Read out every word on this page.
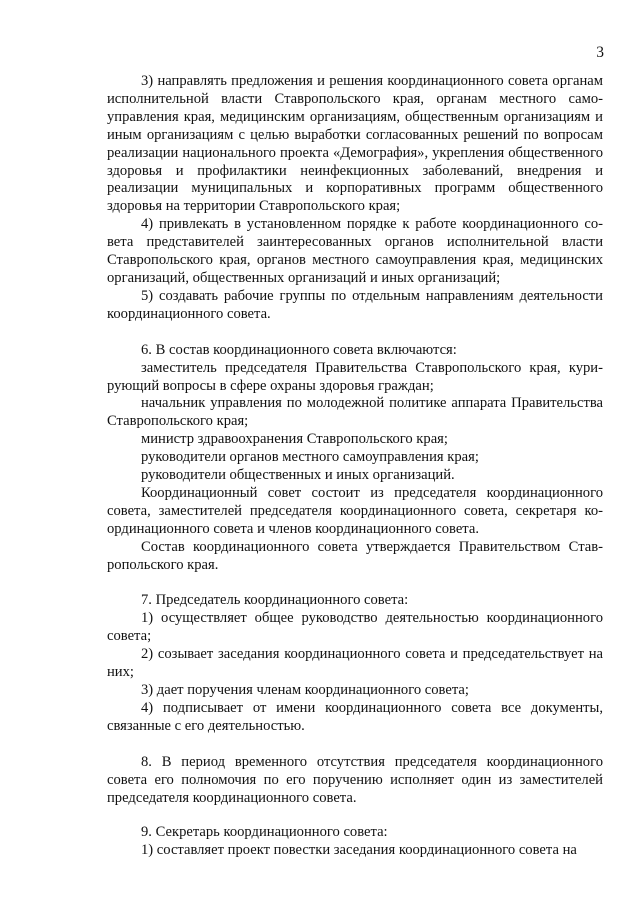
3

3) направлять предложения и решения координационного совета органам исполнительной власти Ставропольского края, органам местного самоуправления края, медицинским организациям, общественным организациям и иным организациям с целью выработки согласованных решений по вопросам реализации национального проекта «Демография», укрепления общественного здоровья и профилактики неинфекционных заболеваний, внедрения и реализации муниципальных и корпоративных программ общественного здоровья на территории Ставропольского края;

4) привлекать в установленном порядке к работе координационного совета представителей заинтересованных органов исполнительной власти Ставропольского края, органов местного самоуправления края, медицинских организаций, общественных организаций и иных организаций;

5) создавать рабочие группы по отдельным направлениям деятельности координационного совета.

6. В состав координационного совета включаются:

заместитель председателя Правительства Ставропольского края, курирующий вопросы в сфере охраны здоровья граждан;

начальник управления по молодежной политике аппарата Правительства Ставропольского края;

министр здравоохранения Ставропольского края;

руководители органов местного самоуправления края;

руководители общественных и иных организаций.

Координационный совет состоит из председателя координационного совета, заместителей председателя координационного совета, секретаря координационного совета и членов координационного совета.

Состав координационного совета утверждается Правительством Ставропольского края.

7. Председатель координационного совета:

1) осуществляет общее руководство деятельностью координационного совета;

2) созывает заседания координационного совета и председательствует на них;

3) дает поручения членам координационного совета;

4) подписывает от имени координационного совета все документы, связанные с его деятельностью.

8. В период временного отсутствия председателя координационного совета его полномочия по его поручению исполняет один из заместителей председателя координационного совета.

9. Секретарь координационного совета:

1) составляет проект повестки заседания координационного совета на
